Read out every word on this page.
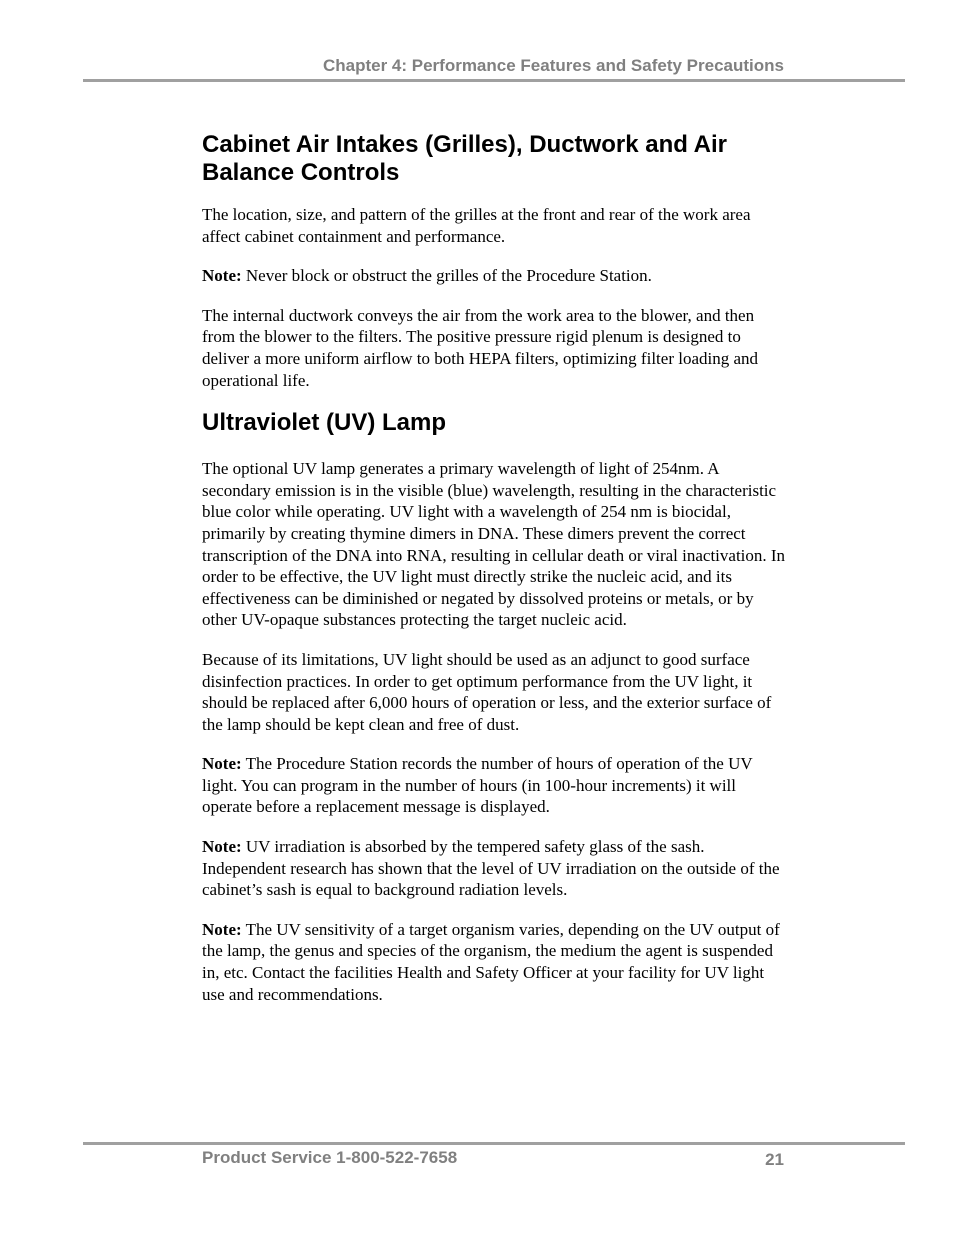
Chapter 4: Performance Features and Safety Precautions
Cabinet Air Intakes (Grilles), Ductwork and Air Balance Controls

The location, size, and pattern of the grilles at the front and rear of the work area affect cabinet containment and performance.

Note: Never block or obstruct the grilles of the Procedure Station.

The internal ductwork conveys the air from the work area to the blower, and then from the blower to the filters. The positive pressure rigid plenum is designed to deliver a more uniform airflow to both HEPA filters, optimizing filter loading and operational life.

Ultraviolet (UV) Lamp

The optional UV lamp generates a primary wavelength of light of 254nm. A secondary emission is in the visible (blue) wavelength, resulting in the characteristic blue color while operating. UV light with a wavelength of 254 nm is biocidal, primarily by creating thymine dimers in DNA. These dimers prevent the correct transcription of the DNA into RNA, resulting in cellular death or viral inactivation. In order to be effective, the UV light must directly strike the nucleic acid, and its effectiveness can be diminished or negated by dissolved proteins or metals, or by other UV-opaque substances protecting the target nucleic acid.

Because of its limitations, UV light should be used as an adjunct to good surface disinfection practices. In order to get optimum performance from the UV light, it should be replaced after 6,000 hours of operation or less, and the exterior surface of the lamp should be kept clean and free of dust.

Note: The Procedure Station records the number of hours of operation of the UV light. You can program in the number of hours (in 100-hour increments) it will operate before a replacement message is displayed.

Note: UV irradiation is absorbed by the tempered safety glass of the sash. Independent research has shown that the level of UV irradiation on the outside of the cabinet’s sash is equal to background radiation levels.

Note: The UV sensitivity of a target organism varies, depending on the UV output of the lamp, the genus and species of the organism, the medium the agent is suspended in, etc. Contact the facilities Health and Safety Officer at your facility for UV light use and recommendations.

Product Service 1-800-522-7658	21
